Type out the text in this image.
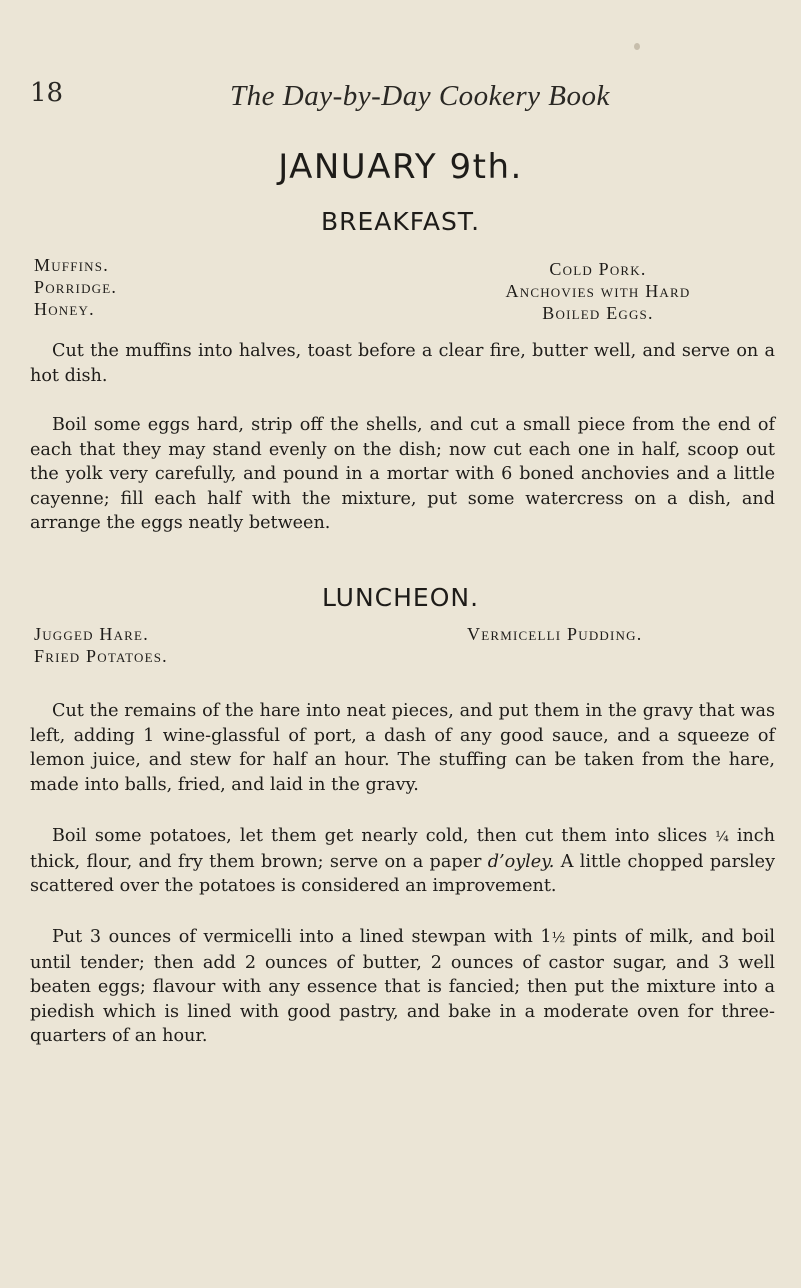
18	The Day-by-Day Cookery Book
JANUARY 9th.
BREAKFAST.
Muffins.
Porridge.
Honey.
Cold Pork.
Anchovies with Hard
Boiled Eggs.

Cut the muffins into halves, toast before a clear fire, butter well, and serve on a hot dish.

Boil some eggs hard, strip off the shells, and cut a small piece from the end of each that they may stand evenly on the dish; now cut each one in half, scoop out the yolk very carefully, and pound in a mortar with 6 boned anchovies and a little cayenne; fill each half with the mixture, put some watercress on a dish, and arrange the eggs neatly between.

LUNCHEON.
Jugged Hare.
Fried Potatoes.
Vermicelli Pudding.

Cut the remains of the hare into neat pieces, and put them in the gravy that was left, adding 1 wine-glassful of port, a dash of any good sauce, and a squeeze of lemon juice, and stew for half an hour. The stuffing can be taken from the hare, made into balls, fried, and laid in the gravy.

Boil some potatoes, let them get nearly cold, then cut them into slices ¼ inch thick, flour, and fry them brown; serve on a paper d’oyley. A little chopped parsley scattered over the potatoes is considered an improvement.

Put 3 ounces of vermicelli into a lined stewpan with 1½ pints of milk, and boil until tender; then add 2 ounces of butter, 2 ounces of castor sugar, and 3 well beaten eggs; flavour with any essence that is fancied; then put the mixture into a piedish which is lined with good pastry, and bake in a moderate oven for three-quarters of an hour.
